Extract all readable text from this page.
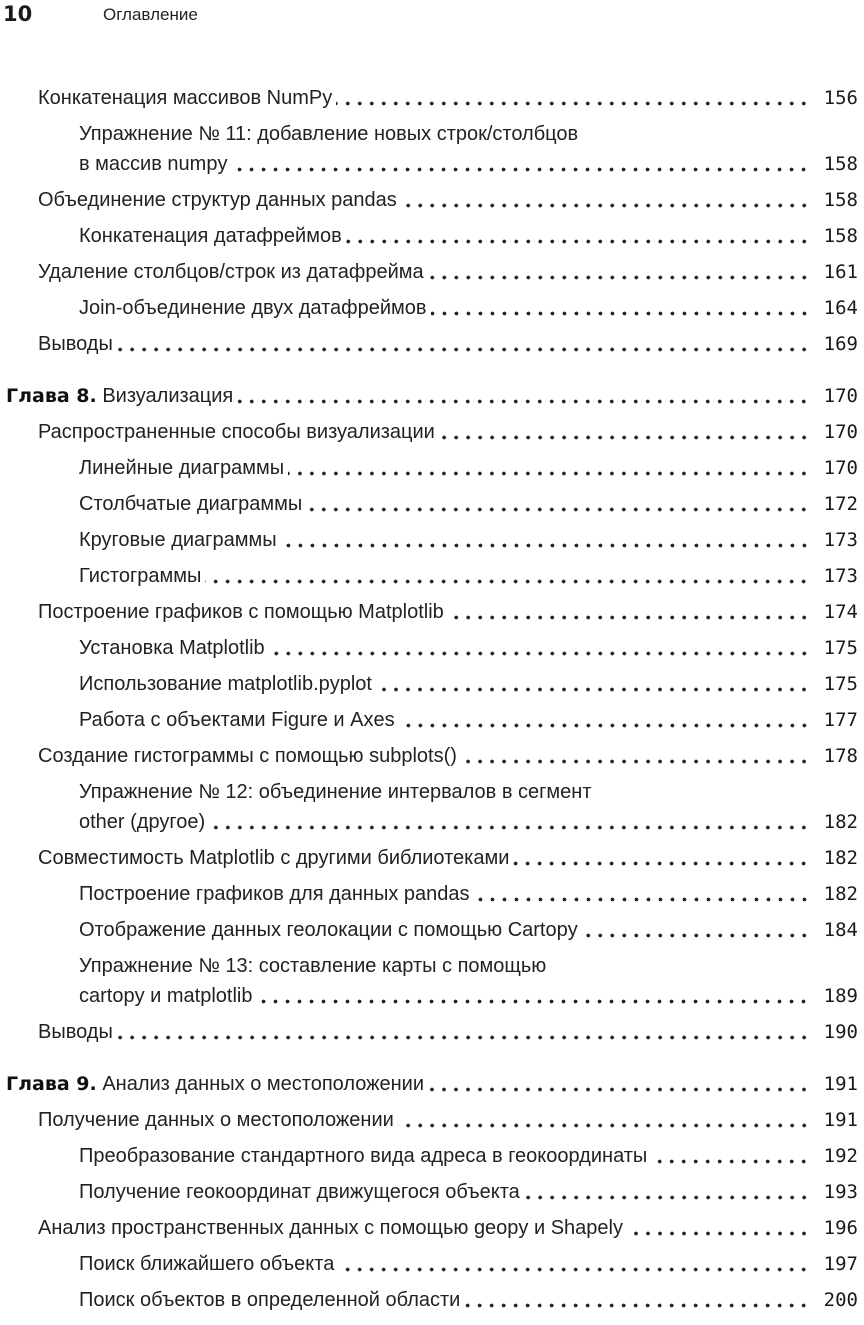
10	Оглавление
Конкатенация массивов NumPy	156
Упражнение № 11: добавление новых строк/столбцов
в массив numpy	158
Объединение структур данных pandas	158
Конкатенация датафреймов	158
Удаление столбцов/строк из датафрейма	161
Join-объединение двух датафреймов	164
Выводы	169
Глава 8.
Визуализация	170
Распространенные способы визуализации	170
Линейные диаграммы	170
Столбчатые диаграммы	172
Круговые диаграммы	173
Гистограммы	173
Построение графиков с помощью Matplotlib	174
Установка Matplotlib	175
Использование matplotlib.pyplot	175
Работа с объектами Figure и Axes	177
Создание гистограммы с помощью subplots()	178
Упражнение № 12: объединение интервалов в сегмент
other (другое)	182
Совместимость Matplotlib с другими библиотеками	182
Построение графиков для данных pandas	182
Отображение данных геолокации с помощью Cartopy	184
Упражнение № 13: составление карты с помощью
cartopy и matplotlib	189
Выводы	190
Глава 9.
Анализ данных о местоположении	191
Получение данных о местоположении	191
Преобразование стандартного вида адреса в геокоординаты	192
Получение геокоординат движущегося объекта	193
Анализ пространственных данных с помощью geopy и Shapely	196
Поиск ближайшего объекта	197
Поиск объектов в определенной области	200
